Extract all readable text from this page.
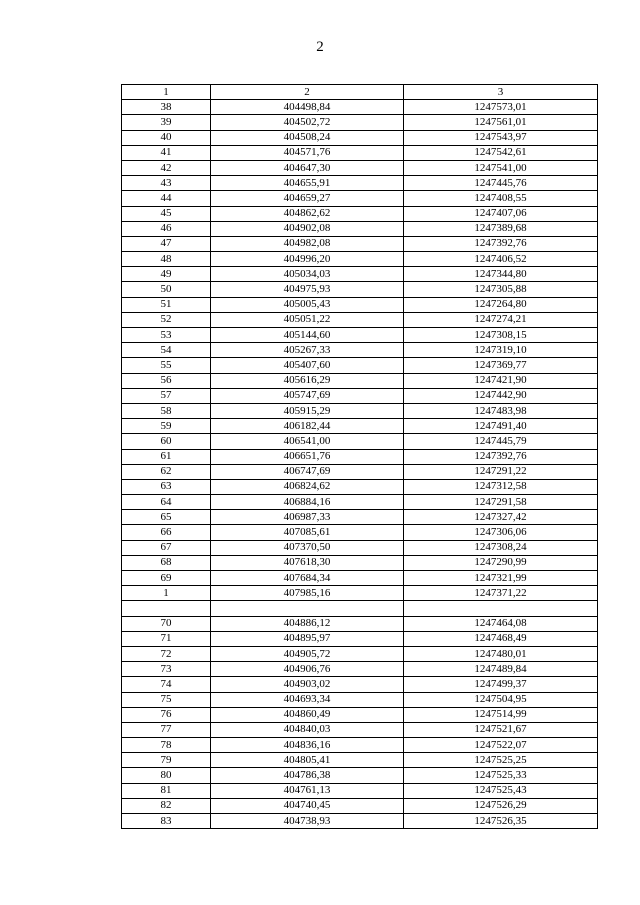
2
1	2	3
38	404498,84	1247573,01
39	404502,72	1247561,01
40	404508,24	1247543,97
41	404571,76	1247542,61
42	404647,30	1247541,00
43	404655,91	1247445,76
44	404659,27	1247408,55
45	404862,62	1247407,06
46	404902,08	1247389,68
47	404982,08	1247392,76
48	404996,20	1247406,52
49	405034,03	1247344,80
50	404975,93	1247305,88
51	405005,43	1247264,80
52	405051,22	1247274,21
53	405144,60	1247308,15
54	405267,33	1247319,10
55	405407,60	1247369,77
56	405616,29	1247421,90
57	405747,69	1247442,90
58	405915,29	1247483,98
59	406182,44	1247491,40
60	406541,00	1247445,79
61	406651,76	1247392,76
62	406747,69	1247291,22
63	406824,62	1247312,58
64	406884,16	1247291,58
65	406987,33	1247327,42
66	407085,61	1247306,06
67	407370,50	1247308,24
68	407618,30	1247290,99
69	407684,34	1247321,99
1	407985,16	1247371,22

70	404886,12	1247464,08
71	404895,97	1247468,49
72	404905,72	1247480,01
73	404906,76	1247489,84
74	404903,02	1247499,37
75	404693,34	1247504,95
76	404860,49	1247514,99
77	404840,03	1247521,67
78	404836,16	1247522,07
79	404805,41	1247525,25
80	404786,38	1247525,33
81	404761,13	1247525,43
82	404740,45	1247526,29
83	404738,93	1247526,35
